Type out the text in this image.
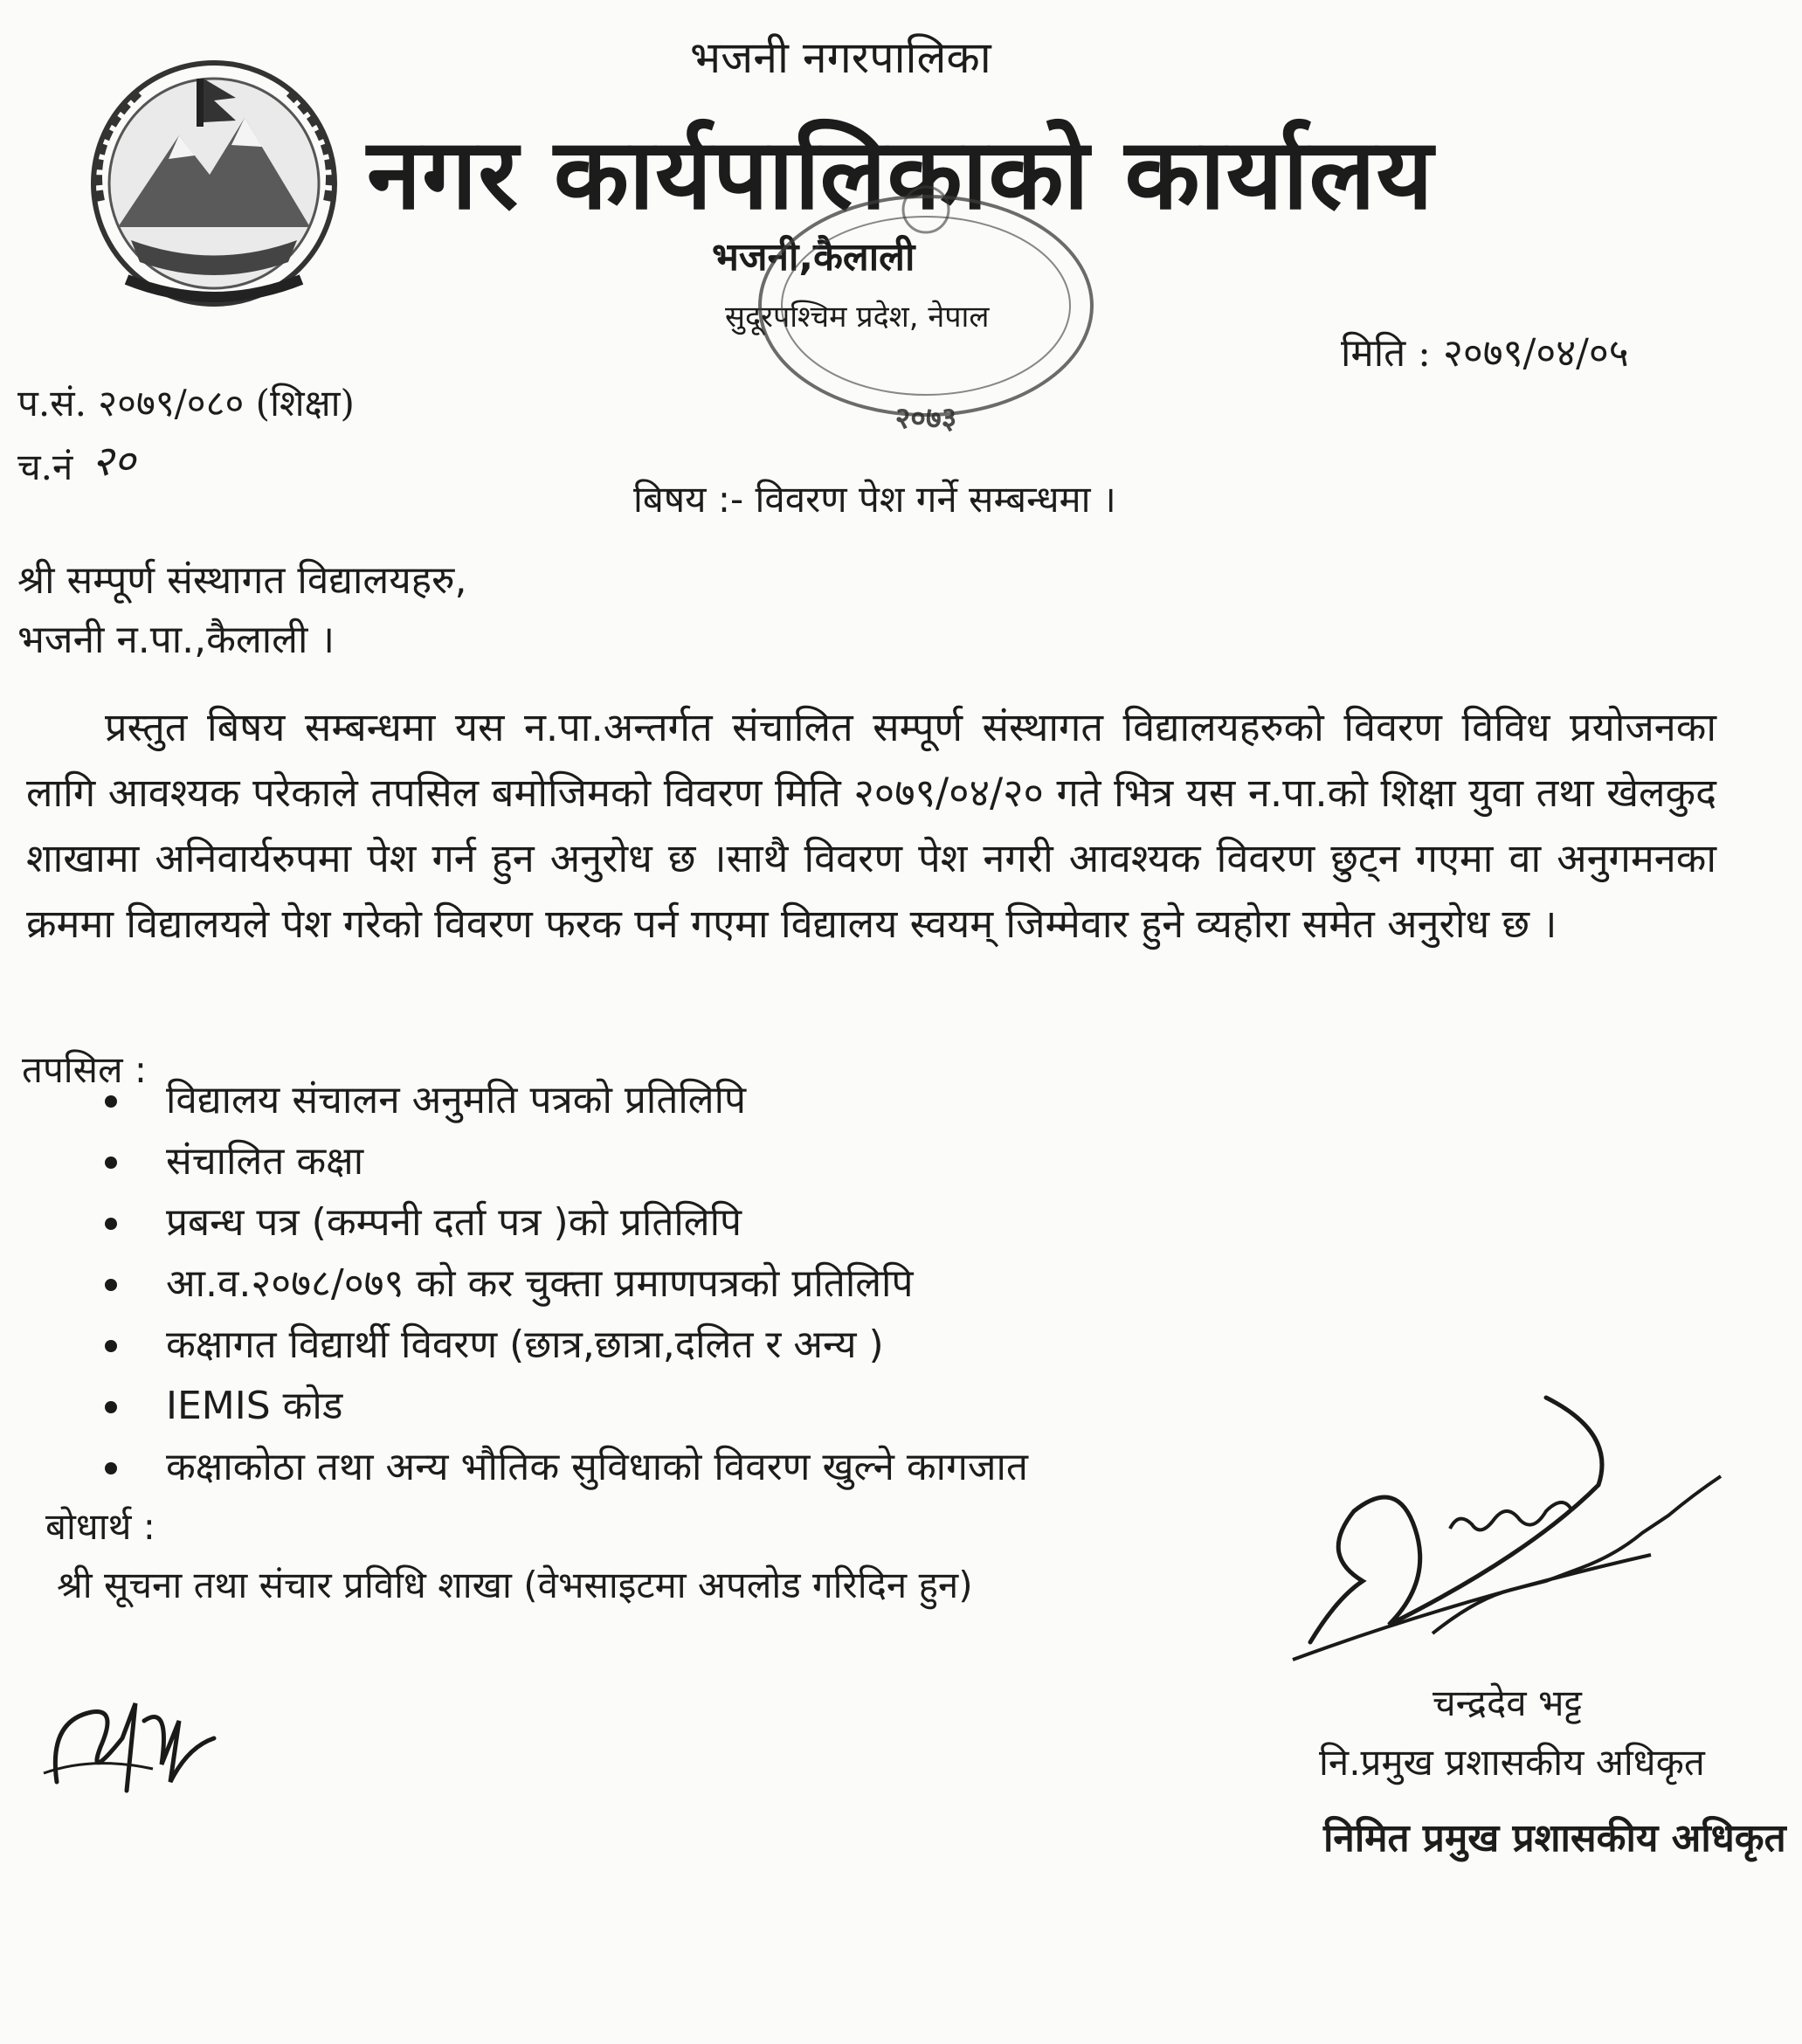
भजनी नगरपालिका

नगर कार्यपालिकाको कार्यालय

भजनी,कैलाली

सुदूरपश्चिम प्रदेश, नेपाल

२०७३

मिति : २०७९/०४/०५

प.सं. २०७९/०८० (शिक्षा)

च.नं २०

बिषय :- विवरण पेश गर्ने सम्बन्धमा ।

श्री सम्पूर्ण संस्थागत विद्यालयहरु,

भजनी न.पा.,कैलाली ।

प्रस्तुत बिषय सम्बन्धमा यस न.पा.अन्तर्गत संचालित सम्पूर्ण संस्थागत विद्यालयहरुको विवरण विविध प्रयोजनका लागि आवश्यक परेकाले तपसिल बमोजिमको विवरण मिति २०७९/०४/२० गते भित्र यस न.पा.को शिक्षा युवा तथा खेलकुद शाखामा अनिवार्यरुपमा पेश गर्न हुन अनुरोध छ ।साथै विवरण पेश नगरी आवश्यक विवरण छुट्न गएमा वा अनुगमनका क्रममा विद्यालयले पेश गरेको विवरण फरक पर्न गएमा विद्यालय स्वयम् जिम्मेवार हुने व्यहोरा समेत अनुरोध छ ।

तपसिल :

विद्यालय संचालन अनुमति पत्रको प्रतिलिपि
संचालित कक्षा
प्रबन्ध पत्र (कम्पनी दर्ता पत्र )को प्रतिलिपि
आ.व.२०७८/०७९ को कर चुक्ता प्रमाणपत्रको प्रतिलिपि
कक्षागत विद्यार्थी विवरण (छात्र,छात्रा,दलित र अन्य )
IEMIS कोड
कक्षाकोठा तथा अन्य भौतिक सुविधाको विवरण खुल्ने कागजात

बोधार्थ :

श्री सूचना तथा संचार प्रविधि शाखा (वेभसाइटमा अपलोड गरिदिन हुन)

चन्द्रदेव भट्ट

नि.प्रमुख प्रशासकीय अधिकृत

निमित प्रमुख प्रशासकीय अधिकृत
